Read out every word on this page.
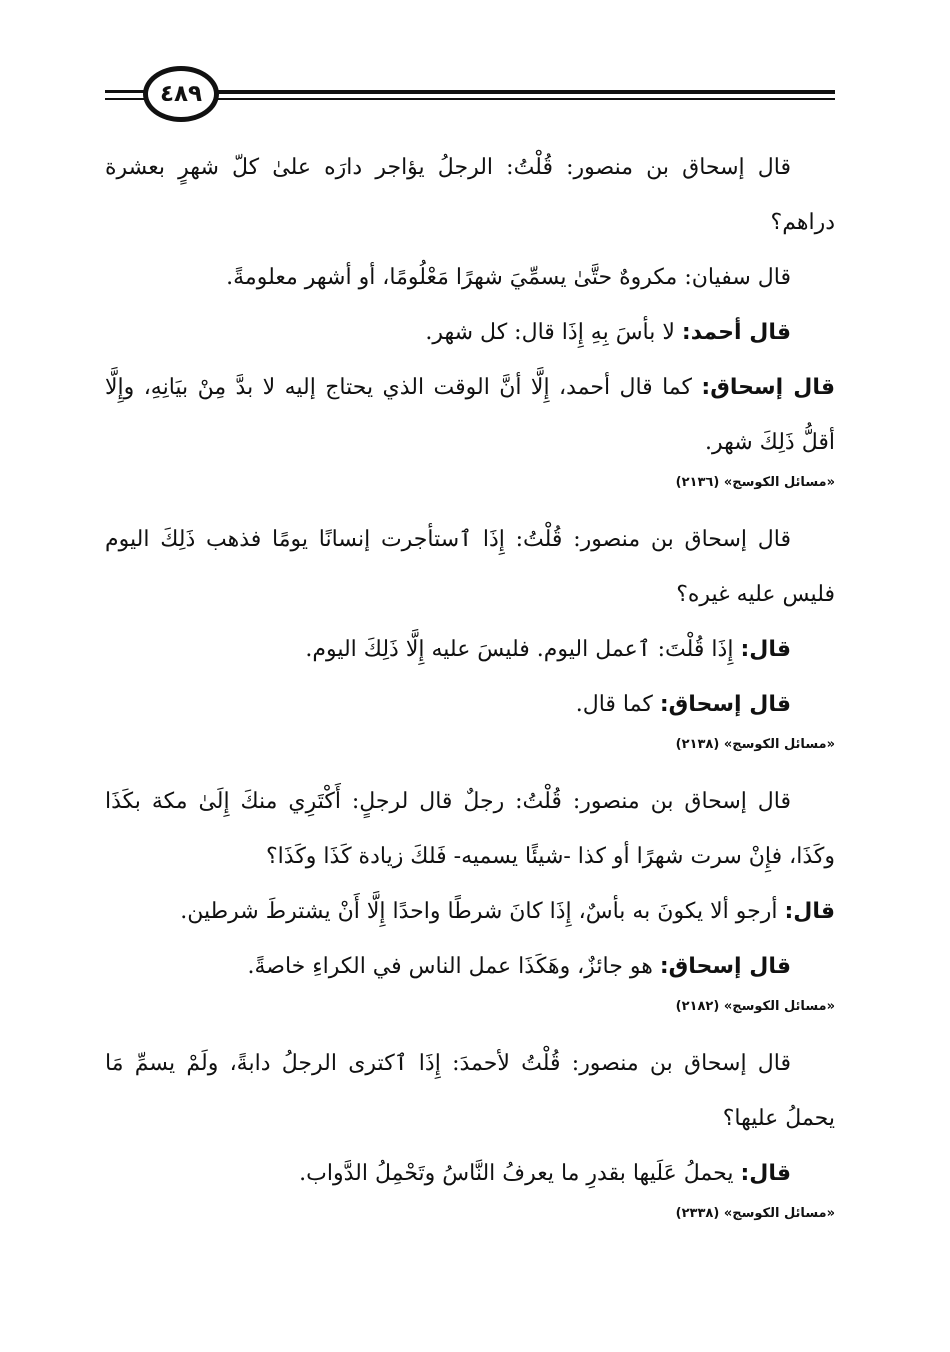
٤٨٩

قال إسحاق بن منصور: قُلْتُ: الرجلُ يؤاجر دارَه علىٰ كلّ شهرٍ بعشرة دراهم؟

قال سفيان: مكروهٌ حتَّىٰ يسمِّيَ شهرًا مَعْلُومًا، أو أشهر معلومةً.

قال أحمد: لا بأسَ بِهِ إِذَا قال: كل شهر.

قال إسحاق: كما قال أحمد، إِلَّا أنَّ الوقت الذي يحتاج إليه لا بدَّ مِنْ بيَانِهِ، وإِلَّا أقلُّ ذَلِكَ شهر.

«مسائل الكوسج» (٢١٣٦)

قال إسحاق بن منصور: قُلْتُ: إِذَا ٱستأجرت إنسانًا يومًا فذهب ذَلِكَ اليوم فليس عليه غيره؟

قال: إِذَا قُلْتَ: ٱعمل اليوم. فليسَ عليه إِلَّا ذَلِكَ اليوم.

قال إسحاق: كما قال.

«مسائل الكوسج» (٢١٣٨)

قال إسحاق بن منصور: قُلْتُ: رجلٌ قال لرجلٍ: أَكْتَرِي منكَ إِلَىٰ مكة بكَذَا وكَذَا، فإِنْ سرت شهرًا أو كذا -شيئًا يسميه- فَلكَ زيادة كَذَا وكَذَا؟

قال: أرجو ألا يكونَ به بأسٌ، إِذَا كانَ شرطًا واحدًا إِلَّا أَنْ يشترطَ شرطين.

قال إسحاق: هو جائزٌ، وهَكَذَا عمل الناس في الكراءِ خاصةً.

«مسائل الكوسج» (٢١٨٢)

قال إسحاق بن منصور: قُلْتُ لأحمدَ: إِذَا ٱكترى الرجلُ دابةً، ولَمْ يسمِّ مَا يحملُ عليها؟

قال: يحملُ عَلَيها بقدرِ ما يعرفُ النَّاسُ وتَحْمِلُ الدَّواب.

«مسائل الكوسج» (٢٣٣٨)
